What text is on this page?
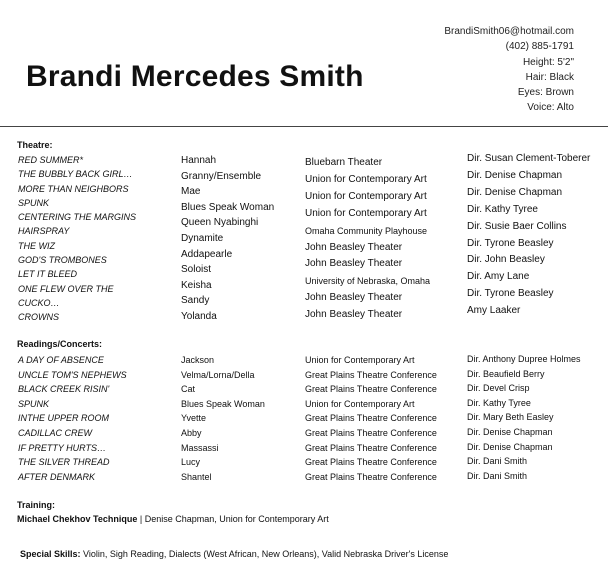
Brandi Mercedes Smith
BrandiSmith06@hotmail.com
(402) 885-1791
Height: 5'2"
Hair: Black
Eyes: Brown
Voice: Alto
Theatre:
RED SUMMER*
THE BUBBLY BACK GIRL…
MORE THAN NEIGHBORS
SPUNK
CENTERING THE MARGINS
HAIRSPRAY
THE WIZ
GOD'S TROMBONES
LET IT BLEED
ONE FLEW OVER THE
CUCKO…
CROWNS
Hannah
Granny/Ensemble
Mae
Blues Speak Woman
Queen Nyabinghi
Dynamite
Addapearle
Soloist
Keisha
Sandy
Yolanda
Bluebarn Theater
Union for Contemporary Art
Union for Contemporary Art
Union for Contemporary Art
Omaha Community Playhouse
John Beasley Theater
John Beasley Theater
University of Nebraska, Omaha
John Beasley Theater
John Beasley Theater
Dir. Susan Clement-Toberer
Dir. Denise Chapman
Dir. Denise Chapman
Dir. Kathy Tyree
Dir. Susie Baer Collins
Dir. Tyrone Beasley
Dir. John Beasley
Dir. Amy Lane
Dir. Tyrone Beasley
Amy Laaker
Readings/Concerts:
A DAY OF ABSENCE
UNCLE TOM'S NEPHEWS
BLACK CREEK RISIN'
SPUNK
INTHE UPPER ROOM
CADILLAC CREW
IF PRETTY HURTS…
THE SILVER THREAD
AFTER DENMARK
Jackson
Velma/Lorna/Della
Cat
Blues Speak Woman
Yvette
Abby
Massassi
Lucy
Shantel
Union for Contemporary Art
Great Plains Theatre Conference
Great Plains Theatre Conference
Union for Contemporary Art
Great Plains Theatre Conference
Great Plains Theatre Conference
Great Plains Theatre Conference
Great Plains Theatre Conference
Great Plains Theatre Conference
Dir. Anthony Dupree Holmes
Dir. Beaufield Berry
Dir. Devel Crisp
Dir. Kathy Tyree
Dir. Mary Beth Easley
Dir. Denise Chapman
Dir. Denise Chapman
Dir. Dani Smith
Dir. Dani Smith
Training:
Michael Chekhov Technique | Denise Chapman, Union for Contemporary Art
Special Skills: Violin, Sigh Reading, Dialects (West African, New Orleans), Valid Nebraska Driver's License
